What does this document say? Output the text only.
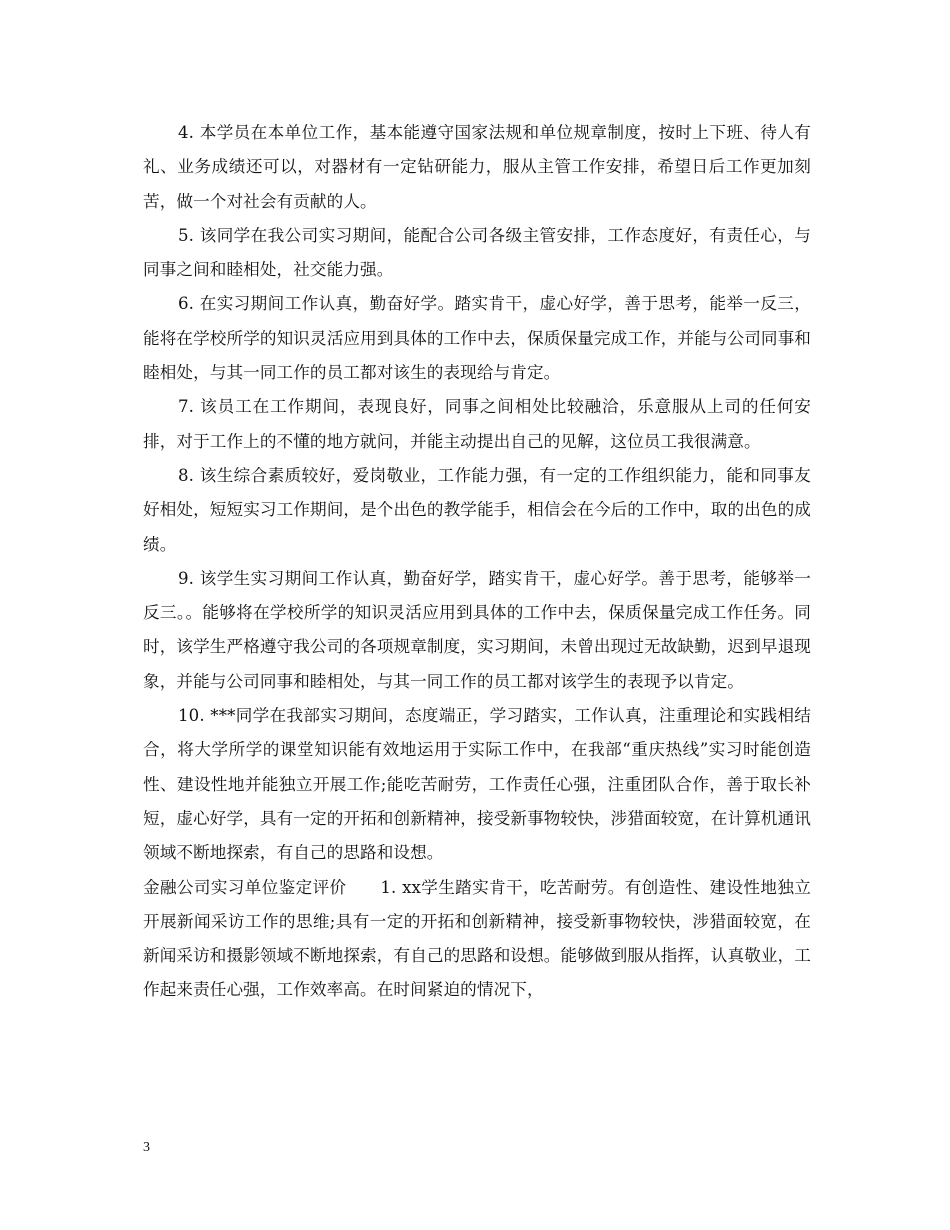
4. 本学员在本单位工作，基本能遵守国家法规和单位规章制度，按时上下班、待人有礼、业务成绩还可以，对器材有一定钻研能力，服从主管工作安排，希望日后工作更加刻苦，做一个对社会有贡献的人。

5. 该同学在我公司实习期间，能配合公司各级主管安排，工作态度好，有责任心，与同事之间和睦相处，社交能力强。

6. 在实习期间工作认真，勤奋好学。踏实肯干，虚心好学，善于思考，能举一反三，能将在学校所学的知识灵活应用到具体的工作中去，保质保量完成工作，并能与公司同事和睦相处，与其一同工作的员工都对该生的表现给与肯定。

7. 该员工在工作期间，表现良好，同事之间相处比较融洽，乐意服从上司的任何安排，对于工作上的不懂的地方就问，并能主动提出自己的见解，这位员工我很满意。

8. 该生综合素质较好，爱岗敬业，工作能力强，有一定的工作组织能力，能和同事友好相处，短短实习工作期间，是个出色的教学能手，相信会在今后的工作中，取的出色的成绩。

9. 该学生实习期间工作认真，勤奋好学，踏实肯干，虚心好学。善于思考，能够举一反三。。能够将在学校所学的知识灵活应用到具体的工作中去，保质保量完成工作任务。同时，该学生严格遵守我公司的各项规章制度，实习期间，未曾出现过无故缺勤，迟到早退现象，并能与公司同事和睦相处，与其一同工作的员工都对该学生的表现予以肯定。

10. ***同学在我部实习期间，态度端正，学习踏实，工作认真，注重理论和实践相结合，将大学所学的课堂知识能有效地运用于实际工作中，在我部“重庆热线”实习时能创造性、建设性地并能独立开展工作;能吃苦耐劳，工作责任心强，注重团队合作，善于取长补短，虚心好学，具有一定的开拓和创新精神，接受新事物较快，涉猎面较宽，在计算机通讯领域不断地探索，有自己的思路和设想。

金融公司实习单位鉴定评价　　1. xx学生踏实肯干，吃苦耐劳。有创造性、建设性地独立开展新闻采访工作的思维;具有一定的开拓和创新精神，接受新事物较快，涉猎面较宽，在新闻采访和摄影领域不断地探索，有自己的思路和设想。能够做到服从指挥，认真敬业，工作起来责任心强，工作效率高。在时间紧迫的情况下，

3
